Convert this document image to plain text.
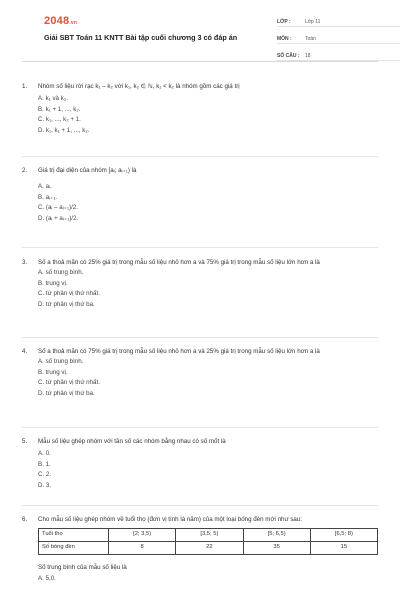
2048.vn
Giải SBT Toán 11 KNTT Bài tập cuối chương 3 có đáp án
LỚP :	Lớp 11
MÔN :	Toán
SỐ CÂU :	18
1.	Nhóm số liệu rời rạc k₁ – k₂ với k₁, k₂ ∈ ℕ, k₁ < k₂ là nhóm gồm các giá trị
A. k₁ và k₂.
B. k₁ + 1, ..., k₂.
C. k₁, ..., k₂ + 1.
D. k₁, k₁ + 1, ..., k₂.
2.	Giá trị đại diện của nhóm [aᵢ; aᵢ₊₁) là
A. aᵢ.
B. aᵢ₊₁.
C. (aᵢ – aᵢ₊₁)/2.
D. (aᵢ + aᵢ₊₁)/2.
3.	Số a thoả mãn có 25% giá trị trong mẫu số liệu nhỏ hơn a và 75% giá trị trong mẫu số liệu lớn hơn a là
A. số trung bình.
B. trung vị.
C. tứ phân vị thứ nhất.
D. tứ phân vị thứ ba.
4.	Số a thoả mãn có 75% giá trị trong mẫu số liệu nhỏ hơn a và 25% giá trị trong mẫu số liệu lớn hơn a là
A. số trung bình.
B. trung vị.
C. tứ phân vị thứ nhất.
D. tứ phân vị thứ ba.
5.	Mẫu số liệu ghép nhóm với tần số các nhóm bằng nhau có số mốt là
A. 0.
B. 1.
C. 2.
D. 3.
6.	Cho mẫu số liệu ghép nhóm về tuổi thọ (đơn vị tính là năm) của một loại bóng đèn mới như sau:
Tuổi thọ	[2; 3,5)	[3,5; 5)	[5; 6,5)	[6,5; 8)
Số bóng đèn	8	22	35	15
Số trung bình của mẫu số liệu là
A. 5,0.
